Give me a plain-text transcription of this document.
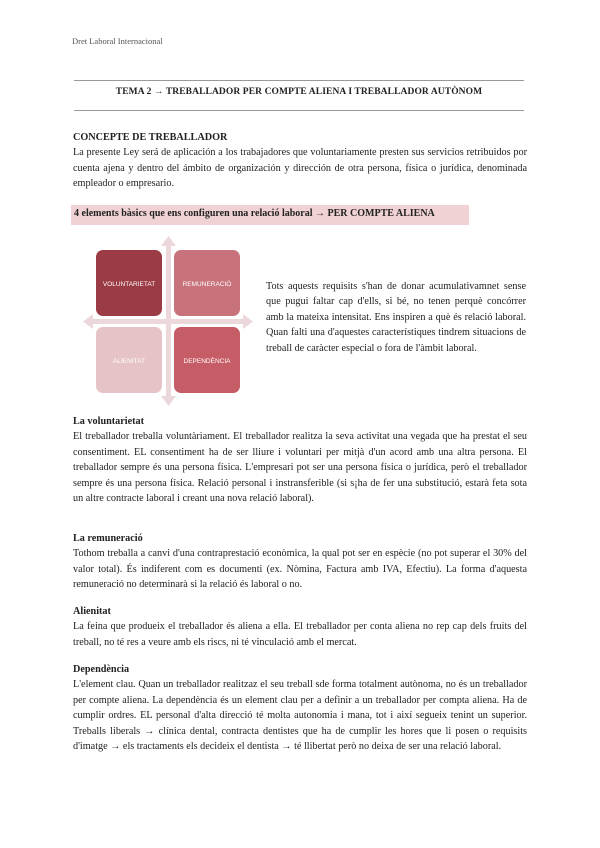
Dret Laboral Internacional
TEMA 2 → TREBALLADOR PER COMPTE ALIENA I TREBALLADOR AUTÒNOM
CONCEPTE DE TREBALLADOR
La presente Ley será de aplicación a los trabajadores que voluntariamente presten sus servicios retribuidos por cuenta ajena y dentro del ámbito de organización y dirección de otra persona, física o jurídica, denominada empleador o empresario.
4 elements bàsics que ens configuren una relació laboral → PER COMPTE ALIENA
VOLUNTARIETAT	REMUNERACIÓ
ALIENITAT	DEPENDÈNCIA
Tots aquests requisits s'han de donar acumulativamnet sense que pugui faltar cap d'ells, si bé, no tenen perquè concórrer amb la mateixa intensitat. Ens inspiren a què és relació laboral. Quan falti una d'aquestes característiques tindrem situacions de treball de caràcter especial o fora de l'àmbit laboral.
La voluntarietat
El treballador treballa voluntàriament. El treballador realitza la seva activitat una vegada que ha prestat el seu consentiment. EL consentiment ha de ser lliure i voluntari per mitjà d'un acord amb una altra persona. El treballador sempre és una persona física. L'empresari pot ser una persona física o jurídica, però el treballador sempre és una persona física. Relació personal i instransferible (si s¡ha de fer una substitució, estarà feta sota un altre contracte laboral i creant una nova relació laboral).
La remuneració
Tothom treballa a canvi d'una contraprestació econòmica, la qual pot ser en espècie (no pot superar el 30% del valor total). És indiferent com es documenti (ex. Nòmina, Factura amb IVA, Efectiu). La forma d'aquesta remuneració no determinarà si la relació és laboral o no.
Alienitat
La feina que produeix el treballador és aliena a ella. El treballador per conta aliena no rep cap dels fruits del treball, no té res a veure amb els riscs, ni té vinculació amb el mercat.
Dependència
L'element clau. Quan un treballador realitzaz el seu treball sde forma totalment autònoma, no és un treballador per compte aliena. La dependència és un element clau per a definir a un treballador per compta aliena. Ha de cumplir ordres. EL personal d'alta direcció té molta autonomia i mana, tot i així segueix tenint un superior. Treballs liberals → clínica dental, contracta dentistes que ha de cumplir les hores que li posen o requisits d'imatge → els tractaments els decideix el dentista → té llibertat però no deixa de ser una relació laboral.
